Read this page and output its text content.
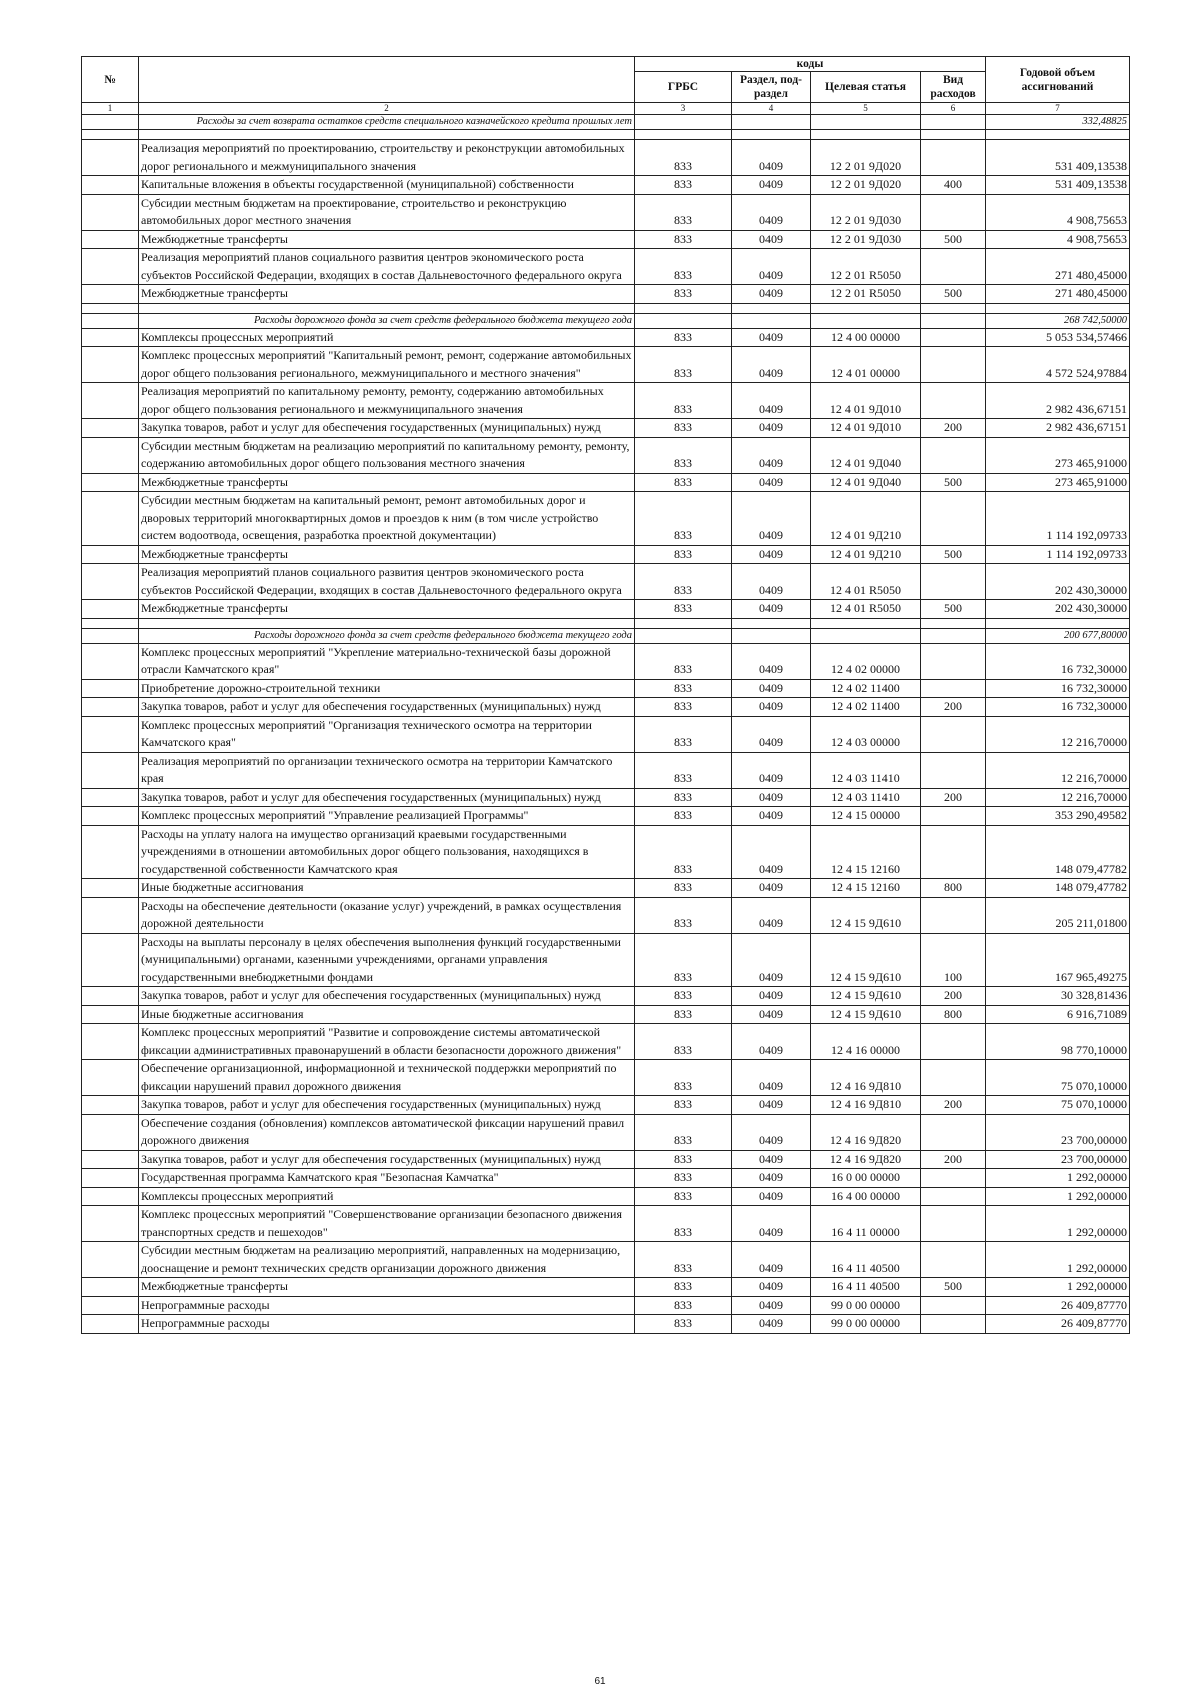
№		коды				Годовой объем ассигнований
		ГРБС	Раздел, под-раздел	Целевая статья	Вид расходов	
1	2	3	4	5	6	7
	Расходы за счет возврата остатков средств специального казначейского кредита прошлых лет					332,48825

	Реализация мероприятий по проектированию, строительству и реконструкции автомобильных дорог регионального и межмуниципального значения	833	0409	12 2 01 9Д020		531 409,13538
	Капитальные вложения в объекты государственной (муниципальной) собственности	833	0409	12 2 01 9Д020	400	531 409,13538
	Субсидии местным бюджетам на проектирование, строительство и реконструкцию автомобильных дорог местного значения	833	0409	12 2 01 9Д030		4 908,75653
	Межбюджетные трансферты	833	0409	12 2 01 9Д030	500	4 908,75653
	Реализация мероприятий планов социального развития центров экономического роста субъектов Российской Федерации, входящих в состав Дальневосточного федерального округа	833	0409	12 2 01 R5050		271 480,45000
	Межбюджетные трансферты	833	0409	12 2 01 R5050	500	271 480,45000

	Расходы дорожного фонда за счет средств федерального бюджета текущего года					268 742,50000
	Комплексы процессных мероприятий	833	0409	12 4 00 00000		5 053 534,57466
	Комплекс процессных мероприятий "Капитальный ремонт, ремонт, содержание автомобильных дорог общего пользования регионального, межмуниципального и местного значения"	833	0409	12 4 01 00000		4 572 524,97884
	Реализация мероприятий по капитальному ремонту, ремонту, содержанию автомобильных дорог общего пользования регионального и межмуниципального значения	833	0409	12 4 01 9Д010		2 982 436,67151
	Закупка товаров, работ и услуг для обеспечения государственных (муниципальных) нужд	833	0409	12 4 01 9Д010	200	2 982 436,67151
	Субсидии местным бюджетам на реализацию мероприятий по капитальному ремонту, ремонту, содержанию автомобильных дорог общего пользования местного значения	833	0409	12 4 01 9Д040		273 465,91000
	Межбюджетные трансферты	833	0409	12 4 01 9Д040	500	273 465,91000
	Субсидии местным бюджетам на капитальный ремонт, ремонт автомобильных дорог и дворовых территорий многоквартирных домов и проездов к ним (в том числе устройство систем водоотвода, освещения, разработка проектной документации)	833	0409	12 4 01 9Д210		1 114 192,09733
	Межбюджетные трансферты	833	0409	12 4 01 9Д210	500	1 114 192,09733
	Реализация мероприятий планов социального развития центров экономического роста субъектов Российской Федерации, входящих в состав Дальневосточного федерального округа	833	0409	12 4 01 R5050		202 430,30000
	Межбюджетные трансферты	833	0409	12 4 01 R5050	500	202 430,30000

	Расходы дорожного фонда за счет средств федерального бюджета текущего года					200 677,80000
	Комплекс процессных мероприятий "Укрепление материально-технической базы дорожной отрасли Камчатского края"	833	0409	12 4 02 00000		16 732,30000
	Приобретение дорожно-строительной техники	833	0409	12 4 02 11400		16 732,30000
	Закупка товаров, работ и услуг для обеспечения государственных (муниципальных) нужд	833	0409	12 4 02 11400	200	16 732,30000
	Комплекс процессных мероприятий "Организация технического осмотра на территории Камчатского края"	833	0409	12 4 03 00000		12 216,70000
	Реализация мероприятий по организации технического осмотра на территории Камчатского края	833	0409	12 4 03 11410		12 216,70000
	Закупка товаров, работ и услуг для обеспечения государственных (муниципальных) нужд	833	0409	12 4 03 11410	200	12 216,70000
	Комплекс процессных мероприятий "Управление реализацией Программы"	833	0409	12 4 15 00000		353 290,49582
	Расходы на уплату налога на имущество организаций краевыми государственными учреждениями в отношении автомобильных дорог общего пользования, находящихся в государственной собственности Камчатского края	833	0409	12 4 15 12160		148 079,47782
	Иные бюджетные ассигнования	833	0409	12 4 15 12160	800	148 079,47782
	Расходы на обеспечение деятельности (оказание услуг) учреждений, в рамках осуществления дорожной деятельности	833	0409	12 4 15 9Д610		205 211,01800
	Расходы на выплаты персоналу в целях обеспечения выполнения функций государственными (муниципальными) органами, казенными учреждениями, органами управления государственными внебюджетными фондами	833	0409	12 4 15 9Д610	100	167 965,49275
	Закупка товаров, работ и услуг для обеспечения государственных (муниципальных) нужд	833	0409	12 4 15 9Д610	200	30 328,81436
	Иные бюджетные ассигнования	833	0409	12 4 15 9Д610	800	6 916,71089
	Комплекс процессных мероприятий "Развитие и сопровождение системы автоматической фиксации административных правонарушений в области безопасности дорожного движения"	833	0409	12 4 16 00000		98 770,10000
	Обеспечение организационной, информационной и технической поддержки мероприятий по фиксации нарушений правил дорожного движения	833	0409	12 4 16 9Д810		75 070,10000
	Закупка товаров, работ и услуг для обеспечения государственных (муниципальных) нужд	833	0409	12 4 16 9Д810	200	75 070,10000
	Обеспечение создания (обновления) комплексов автоматической фиксации нарушений правил дорожного движения	833	0409	12 4 16 9Д820		23 700,00000
	Закупка товаров, работ и услуг для обеспечения государственных (муниципальных) нужд	833	0409	12 4 16 9Д820	200	23 700,00000
	Государственная программа Камчатского края "Безопасная Камчатка"	833	0409	16 0 00 00000		1 292,00000
	Комплексы процессных мероприятий	833	0409	16 4 00 00000		1 292,00000
	Комплекс процессных мероприятий "Совершенствование организации безопасного движения транспортных средств и пешеходов"	833	0409	16 4 11 00000		1 292,00000
	Субсидии местным бюджетам на реализацию мероприятий, направленных на модернизацию, дооснащение и ремонт технических средств организации дорожного движения	833	0409	16 4 11 40500		1 292,00000
	Межбюджетные трансферты	833	0409	16 4 11 40500	500	1 292,00000
	Непрограммные расходы	833	0409	99 0 00 00000		26 409,87770
	Непрограммные расходы	833	0409	99 0 00 00000		26 409,87770
61
